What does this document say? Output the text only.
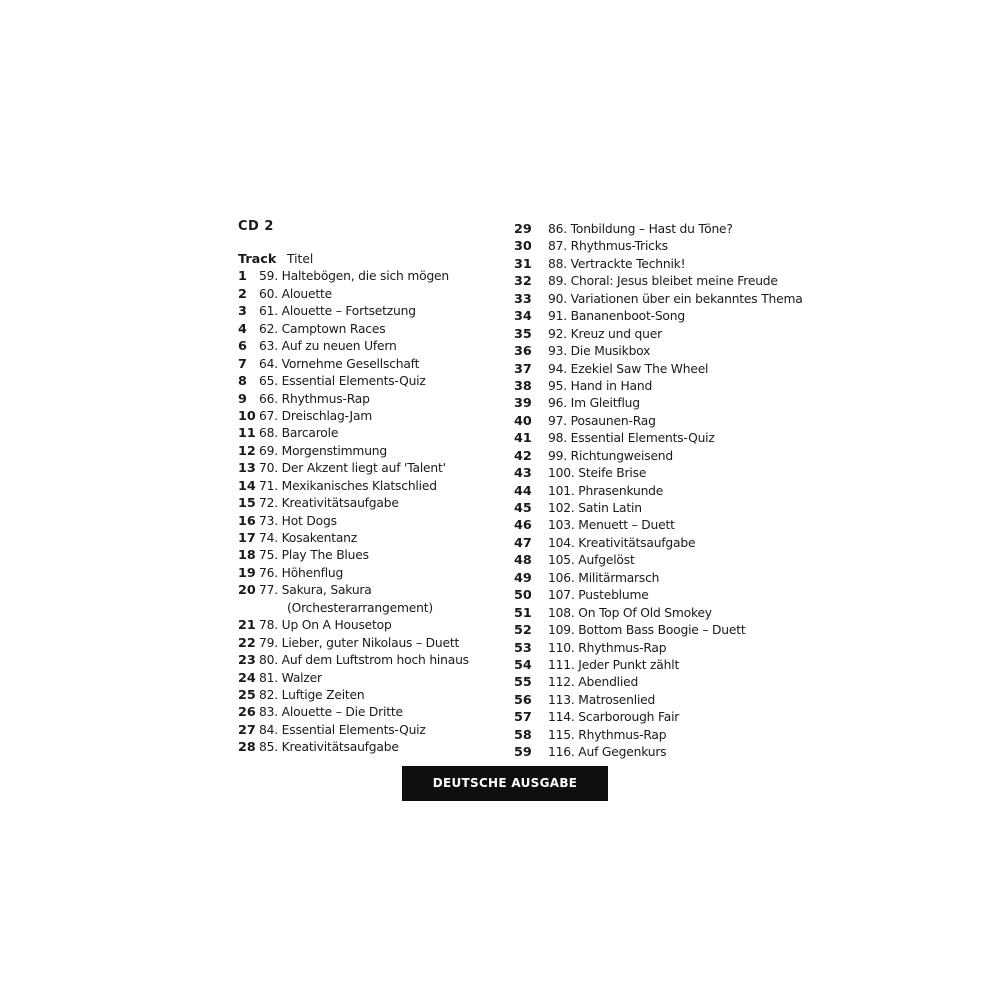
CD 2
Track Titel
1 59. Haltebögen, die sich mögen
2 60. Alouette
3 61. Alouette – Fortsetzung
4 62. Camptown Races
6 63. Auf zu neuen Ufern
7 64. Vornehme Gesellschaft
8 65. Essential Elements-Quiz
9 66. Rhythmus-Rap
10 67. Dreischlag-Jam
11 68. Barcarole
12 69. Morgenstimmung
13 70. Der Akzent liegt auf 'Talent'
14 71. Mexikanisches Klatschlied
15 72. Kreativitätsaufgabe
16 73. Hot Dogs
17 74. Kosakentanz
18 75. Play The Blues
19 76. Höhenflug
20 77. Sakura, Sakura
(Orchesterarrangement)
21 78. Up On A Housetop
22 79. Lieber, guter Nikolaus – Duett
23 80. Auf dem Luftstrom hoch hinaus
24 81. Walzer
25 82. Luftige Zeiten
26 83. Alouette – Die Dritte
27 84. Essential Elements-Quiz
28 85. Kreativitätsaufgabe
29 86. Tonbildung – Hast du Töne?
30 87. Rhythmus-Tricks
31 88. Vertrackte Technik!
32 89. Choral: Jesus bleibet meine Freude
33 90. Variationen über ein bekanntes Thema
34 91. Bananenboot-Song
35 92. Kreuz und quer
36 93. Die Musikbox
37 94. Ezekiel Saw The Wheel
38 95. Hand in Hand
39 96. Im Gleitflug
40 97. Posaunen-Rag
41 98. Essential Elements-Quiz
42 99. Richtungweisend
43 100. Steife Brise
44 101. Phrasenkunde
45 102. Satin Latin
46 103. Menuett – Duett
47 104. Kreativitätsaufgabe
48 105. Aufgelöst
49 106. Militärmarsch
50 107. Pusteblume
51 108. On Top Of Old Smokey
52 109. Bottom Bass Boogie – Duett
53 110. Rhythmus-Rap
54 111. Jeder Punkt zählt
55 112. Abendlied
56 113. Matrosenlied
57 114. Scarborough Fair
58 115. Rhythmus-Rap
59 116. Auf Gegenkurs
DEUTSCHE AUSGABE
